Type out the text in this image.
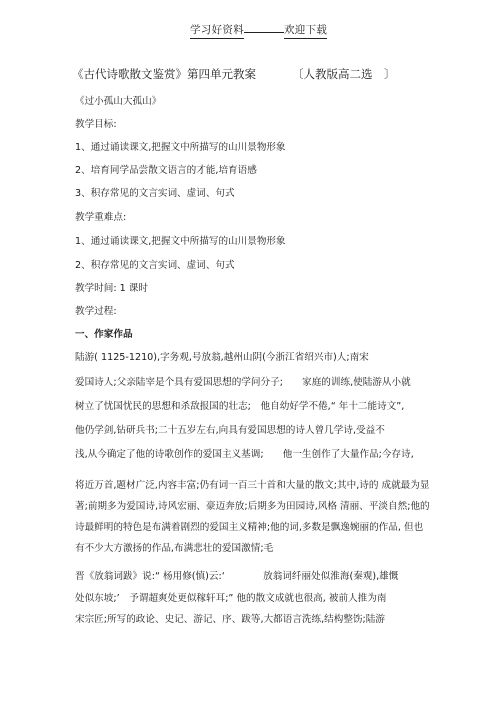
学习好资料	欢迎下载
《古代诗歌散文鉴赏》第四单元教案	〔人教版高二选　〕
《过小孤山大孤山》
教学目标:
1、通过诵读课文,把握文中所描写的山川景物形象
2、培育同学品尝散文语言的才能,培育语感
3、积存常见的文言实词、虚词、句式
教学重难点:
1、通过诵读课文,把握文中所描写的山川景物形象
2、积存常见的文言实词、虚词、句式
教学时间: 1 课时
教学过程:
一、作家作品
陆游( 1125-1210),字务观,号放翁,越州山阴(今浙江省绍兴市)人;南宋
爱国诗人;父亲陆宰是个具有爱国思想的学问分子;　　家庭的训练,使陆游从小就
树立了忧国忧民的思想和杀敌报国的壮志;　他自幼好学不倦,“ 年十二能诗文”,
他仍学剑,钻研兵书;二十五岁左右,向具有爱国思想的诗人曾几学诗,受益不
浅,从今确定了他的诗歌创作的爱国主义基调;　　他一生创作了大量作品;今存诗,
将近万首,题材广泛,内容丰富;仍有词一百三十首和大量的散文;其中,诗的 成就最为显
著;前期多为爱国诗,诗风宏丽、豪迈奔放;后期多为田园诗,风格 清丽、平淡自然;他的
诗最鲜明的特色是布满着剧烈的爱国主义精神;他的词,多数是飘逸婉丽的作品, 但也
有不少大方激扬的作品,布满悲壮的爱国激情;毛
晋《放翁词跋》说:“ 杨用修(慎)云:‘　　　　放翁词纤丽处似淮海(秦观),雄慨
处似东坡;’　予谓超爽处更似稼轩耳;” 他的散文成就也很高, 被前人推为南
宋宗匠;所写的政论、史记、游记、序、跋等,大都语言洗练,结构整饬;陆游
